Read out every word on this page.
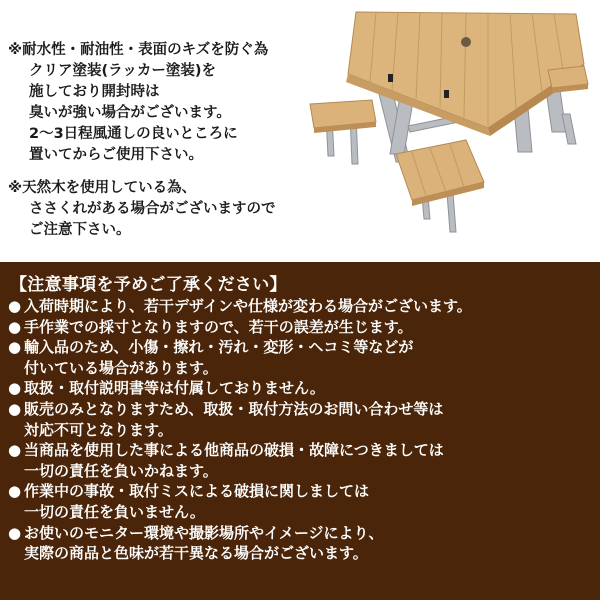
※耐水性・耐油性・表面のキズを防ぐ為
クリア塗装(ラッカー塗装)を
施しており開封時は
臭いが強い場合がございます。
2～3日程風通しの良いところに
置いてからご使用下さい。
※天然木を使用している為、
ささくれがある場合がございますので
ご注意下さい。
【注意事項を予めご了承ください】
● 入荷時期により、若干デザインや仕様が変わる場合がございます。
● 手作業での採寸となりますので、若干の誤差が生じます。
● 輸入品のため、小傷・擦れ・汚れ・変形・ヘコミ等などが
付いている場合があります。
● 取扱・取付説明書等は付属しておりません。
● 販売のみとなりますため、取扱・取付方法のお問い合わせ等は
対応不可となります。
● 当商品を使用した事による他商品の破損・故障につきましては
一切の責任を負いかねます。
● 作業中の事故・取付ミスによる破損に関しましては
一切の責任を負いません。
● お使いのモニター環境や撮影場所やイメージにより、
実際の商品と色味が若干異なる場合がございます。
